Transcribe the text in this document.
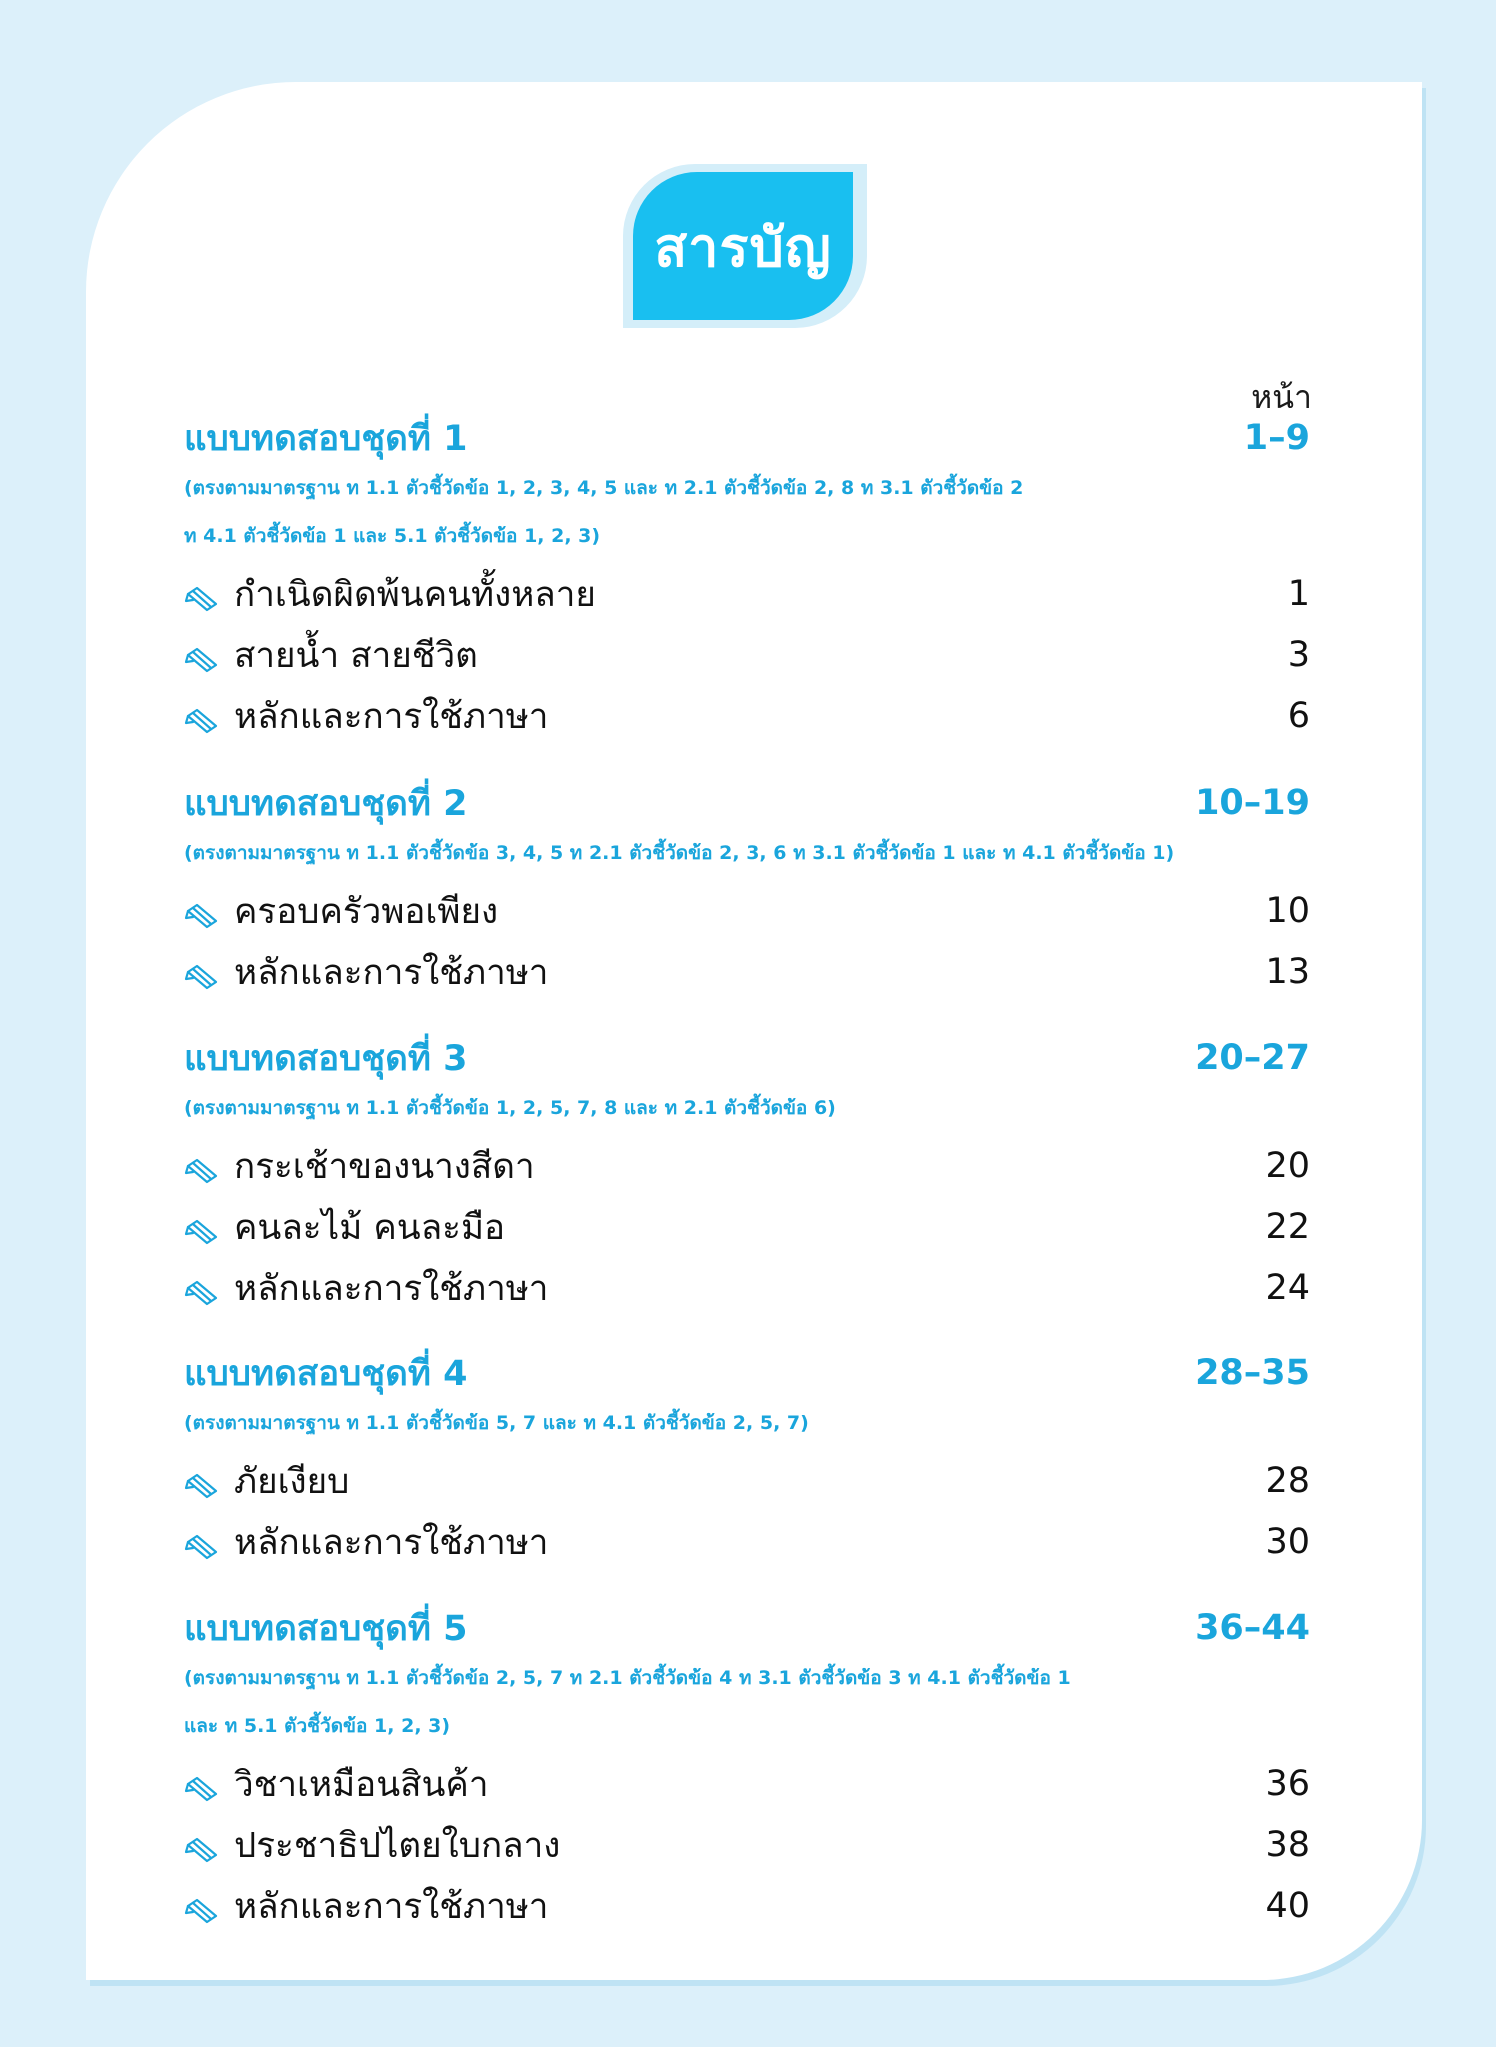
สารบัญ
หน้า
แบบทดสอบชุดที่ 1	1–9
(ตรงตามมาตรฐาน ท 1.1 ตัวชี้วัดข้อ 1, 2, 3, 4, 5 และ ท 2.1 ตัวชี้วัดข้อ 2, 8 ท 3.1 ตัวชี้วัดข้อ 2
ท 4.1 ตัวชี้วัดข้อ 1 และ 5.1 ตัวชี้วัดข้อ 1, 2, 3)
กำเนิดผิดพ้นคนทั้งหลาย	1
สายน้ำ สายชีวิต	3
หลักและการใช้ภาษา	6
แบบทดสอบชุดที่ 2	10–19
(ตรงตามมาตรฐาน ท 1.1 ตัวชี้วัดข้อ 3, 4, 5 ท 2.1 ตัวชี้วัดข้อ 2, 3, 6 ท 3.1 ตัวชี้วัดข้อ 1 และ ท 4.1 ตัวชี้วัดข้อ 1)
ครอบครัวพอเพียง	10
หลักและการใช้ภาษา	13
แบบทดสอบชุดที่ 3	20–27
(ตรงตามมาตรฐาน ท 1.1 ตัวชี้วัดข้อ 1, 2, 5, 7, 8 และ ท 2.1 ตัวชี้วัดข้อ 6)
กระเช้าของนางสีดา	20
คนละไม้ คนละมือ	22
หลักและการใช้ภาษา	24
แบบทดสอบชุดที่ 4	28–35
(ตรงตามมาตรฐาน ท 1.1 ตัวชี้วัดข้อ 5, 7 และ ท 4.1 ตัวชี้วัดข้อ 2, 5, 7)
ภัยเงียบ	28
หลักและการใช้ภาษา	30
แบบทดสอบชุดที่ 5	36–44
(ตรงตามมาตรฐาน ท 1.1 ตัวชี้วัดข้อ 2, 5, 7 ท 2.1 ตัวชี้วัดข้อ 4 ท 3.1 ตัวชี้วัดข้อ 3 ท 4.1 ตัวชี้วัดข้อ 1
และ ท 5.1 ตัวชี้วัดข้อ 1, 2, 3)
วิชาเหมือนสินค้า	36
ประชาธิปไตยใบกลาง	38
หลักและการใช้ภาษา	40
